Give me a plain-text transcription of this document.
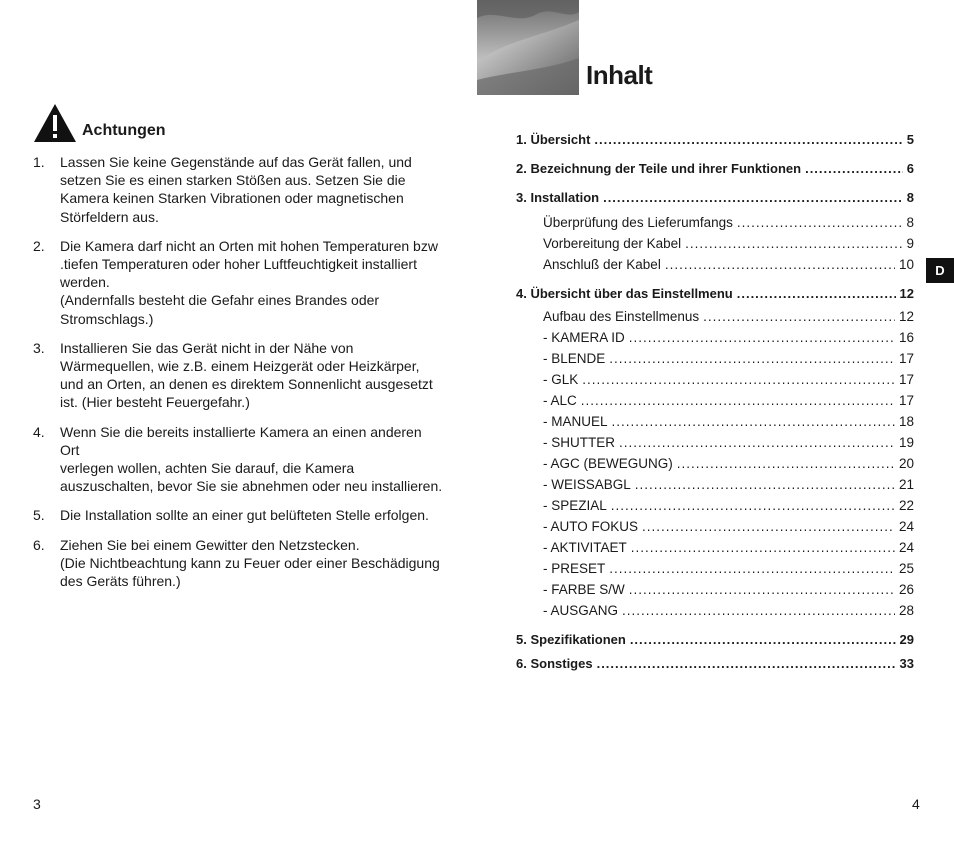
Achtungen
1.	Lassen Sie keine Gegenstände auf das Gerät fallen, und
setzen Sie es einen starken Stößen aus. Setzen Sie die
Kamera keinen Starken Vibrationen oder magnetischen
Störfeldern aus.
2.	Die Kamera darf nicht an Orten mit hohen Temperaturen bzw
.tiefen Temperaturen oder hoher Luftfeuchtigkeit installiert
werden.
(Andernfalls besteht die Gefahr eines Brandes oder
Stromschlags.)
3.	Installieren Sie das Gerät nicht in der Nähe von
Wärmequellen, wie z.B. einem Heizgerät oder Heizkärper,
und an Orten, an denen es direktem Sonnenlicht ausgesetzt
ist. (Hier besteht Feuergefahr.)
4.	Wenn Sie die bereits installierte Kamera an einen anderen Ort
verlegen wollen, achten Sie darauf, die Kamera
auszuschalten, bevor Sie sie abnehmen oder neu installieren.
5.	Die Installation sollte an einer gut belüfteten Stelle erfolgen.
6.	Ziehen Sie bei einem Gewitter den Netzstecken.
(Die Nichtbeachtung kann zu Feuer oder einer Beschädigung
des Geräts führen.)
3
Inhalt
1. Übersicht .....	5
2. Bezeichnung der Teile und ihrer Funktionen .....	6
3. Installation .....	8
Überprüfung des Lieferumfangs .....	8
Vorbereitung der Kabel .....	9
Anschluß der Kabel .....	10
4. Übersicht über das Einstellmenu .....	12
Aufbau des Einstellmenus .....	12
- KAMERA ID .....	16
- BLENDE .....	17
- GLK .....	17
- ALC .....	17
- MANUEL .....	18
- SHUTTER .....	19
- AGC (BEWEGUNG) .....	20
- WEISSABGL .....	21
- SPEZIAL .....	22
- AUTO FOKUS .....	24
- AKTIVITAET .....	24
- PRESET .....	25
- FARBE S/W .....	26
- AUSGANG .....	28
5. Spezifikationen .....	29
6. Sonstiges .....	33
D
4
